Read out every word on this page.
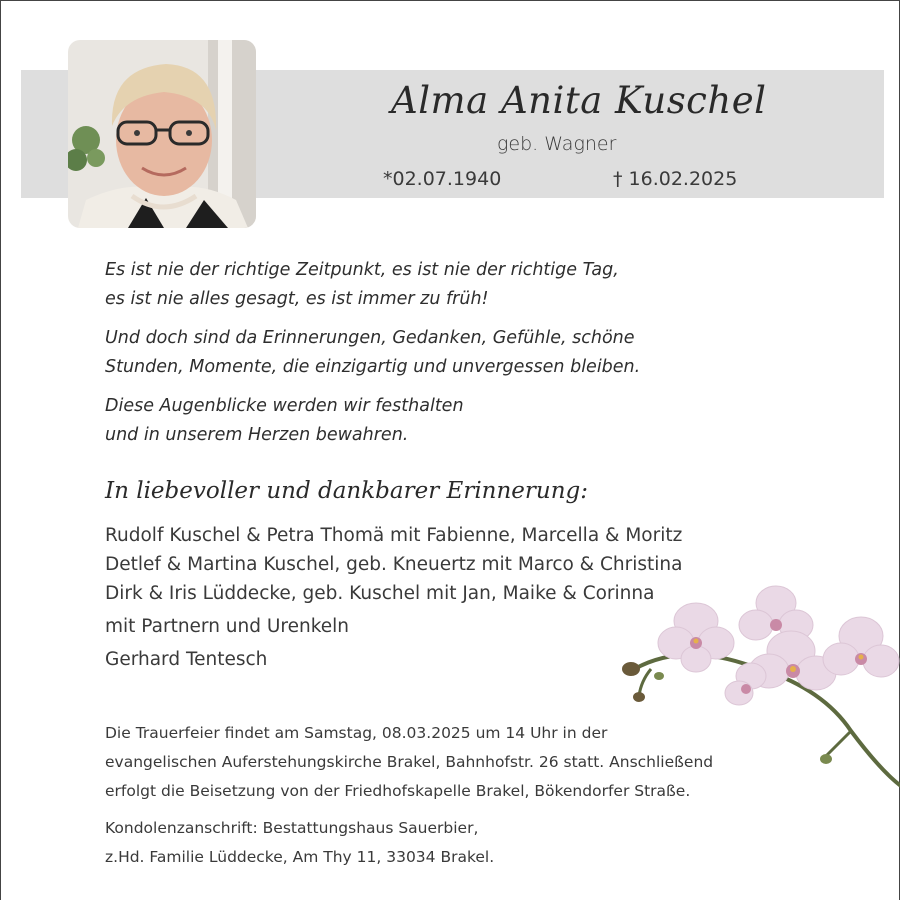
Alma Anita Kuschel
geb. Wagner
*02.07.1940	† 16.02.2025

Es ist nie der richtige Zeitpunkt, es ist nie der richtige Tag,
es ist nie alles gesagt, es ist immer zu früh!

Und doch sind da Erinnerungen, Gedanken, Gefühle, schöne
Stunden, Momente, die einzigartig und unvergessen bleiben.

Diese Augenblicke werden wir festhalten
und in unserem Herzen bewahren.

In liebevoller und dankbarer Erinnerung:
Rudolf Kuschel & Petra Thomä mit Fabienne, Marcella & Moritz
Detlef & Martina Kuschel, geb. Kneuertz mit Marco & Christina
Dirk & Iris Lüddecke, geb. Kuschel mit Jan, Maike & Corinna
mit Partnern und Urenkeln
Gerhard Tentesch
Die Trauerfeier findet am Samstag, 08.03.2025 um 14 Uhr in der
evangelischen Auferstehungskirche Brakel, Bahnhofstr. 26 statt. Anschließend
erfolgt die Beisetzung von der Friedhofskapelle Brakel, Bökendorfer Straße.
Kondolenzanschrift: Bestattungshaus Sauerbier,
z.Hd. Familie Lüddecke, Am Thy 11, 33034 Brakel.
